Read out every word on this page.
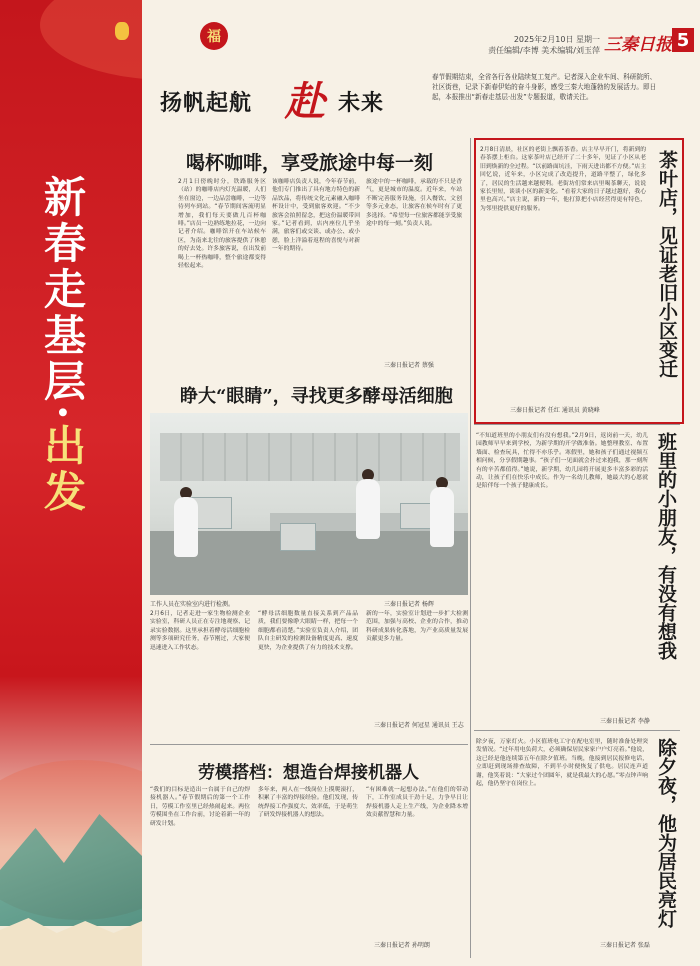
新春走基层·出发
福	2025年2月10日 星期一
责任编辑/李博 美术编辑/刘玉萍 三秦日报 5
扬帆起航 赴 未来
春节假期结束，全省各行各业陆续复工复产。记者深入企业车间、科研院所、社区街巷，记录下新春伊始的奋斗身影，感受三秦大地蓬勃的发展活力。即日起，本报推出“新春走基层·出发”专题报道，敬请关注。
喝杯咖啡，享受旅途中每一刻
2月1日傍晚时分，铁路服务区（站）的咖啡店内灯光温暖，人们坐在窗边，一边品尝咖啡，一边等待列车到站。“春节期间客流明显增加，我们每天要做几百杯咖啡。”店员一边熟练地拉花，一边向记者介绍。咖啡馆开在车站候车区，为南来北往的旅客提供了休憩的好去处。许多旅客说，在出发前喝上一杯热咖啡，整个旅途都变得轻松起来。
该咖啡店负责人说，今年春节前，他们专门推出了具有地方特色的新品饮品，将传统文化元素融入咖啡杯设计中，受到旅客欢迎。“不少旅客会拍照留念，把这份温暖带回家。”记者看到，店内座位几乎坐满，旅客们或交谈、或办公、或小憩，脸上洋溢着返程的喜悦与对新一年的期待。
旅途中的一杯咖啡，承载的不只是香气，更是城市的温度。近年来，车站不断完善服务设施，引入餐饮、文创等多元业态，让旅客在候车时有了更多选择。“希望每一位旅客都能享受旅途中的每一刻。”负责人说。
三秦日报记者 蔡强
睁大“眼睛”，寻找更多酵母活细胞
工作人员在实验室内进行检测。	三秦日报记者 杨辉
2月6日，记者走进一家生物检测企业实验室，科研人员正在专注地观察、记录实验数据。这里承担着酵母活细胞检测等多项研究任务，春节刚过，大家便迅速进入工作状态。
“酵母活细胞数量直接关系到产品品质，我们要像睁大眼睛一样，把每一个细胞都看清楚。”实验室负责人介绍，团队自主研发的检测设备精度更高、速度更快，为企业提供了有力的技术支撑。
新的一年，实验室计划进一步扩大检测范围，加强与高校、企业的合作，推动科研成果转化落地，为产业高质量发展贡献更多力量。
三秦日报记者 何冠星 通讯员 王志
劳模搭档：想造台焊接机器人
“我们的目标是造出一台属于自己的焊接机器人。”春节假期后的第一个工作日，劳模工作室里已经热闹起来。两位劳模围坐在工作台前，讨论着新一年的研发计划。
多年来，两人在一线岗位上摸爬滚打，积累了丰富的焊接经验。他们发现，传统焊接工作强度大、效率低，于是萌生了研发焊接机器人的想法。
“有困难就一起想办法。”在他们的带动下，工作室成员干劲十足，力争早日让焊接机器人走上生产线，为企业降本增效贡献智慧和力量。
三秦日报记者 孙明朗
茶叶店，见证老旧小区变迁
2月8日清晨，社区的老街上飘着茶香。店主早早开门，将新到的春茶摆上柜台。这家茶叶店已经开了二十多年，见证了小区从老旧到焕新的全过程。“以前路面坑洼，下雨天进出都不方便。”店主回忆说，近年来，小区完成了改造提升，道路平整了，绿化多了，居民的生活越来越便利。老街坊们常来店里喝茶聊天，说说家长里短，谈谈小区的新变化。“看着大家的日子越过越好，我心里也高兴。”店主说，新的一年，他打算把小店经营得更有特色，为邻里提供更好的服务。
三秦日报记者 任红 通讯员 黄晓峰
班里的小朋友，有没有想我
“不知道班里的小朋友们有没有想我。”2月9日，返岗前一天，幼儿园教师早早来到学校，为新学期的开学做准备。她整理教室、布置墙面、检查玩具，忙得不亦乐乎。寒假里，她和孩子们通过视频互相问候，分享假期趣事。“孩子们一见面就会扑过来抱我，那一刻所有的辛苦都值得。”她说，新学期，幼儿园将开展更多丰富多彩的活动，让孩子们在快乐中成长。作为一名幼儿教师，她最大的心愿就是陪伴每一个孩子健康成长。
三秦日报记者 李静
除夕夜，他为居民亮灯
除夕夜，万家灯火。小区值班电工守在配电室里，随时准备处理突发情况。“过年用电负荷大，必须确保居民家家户户灯亮着。”他说，这已经是他连续第五年在除夕值班。当晚，他接到居民报修电话，立即赶到现场排查故障，不到半小时便恢复了供电。居民连声道谢，他笑着说：“大家过个团圆年，就是我最大的心愿。”零点钟声响起，他仍坚守在岗位上。
三秦日报记者 张磊
